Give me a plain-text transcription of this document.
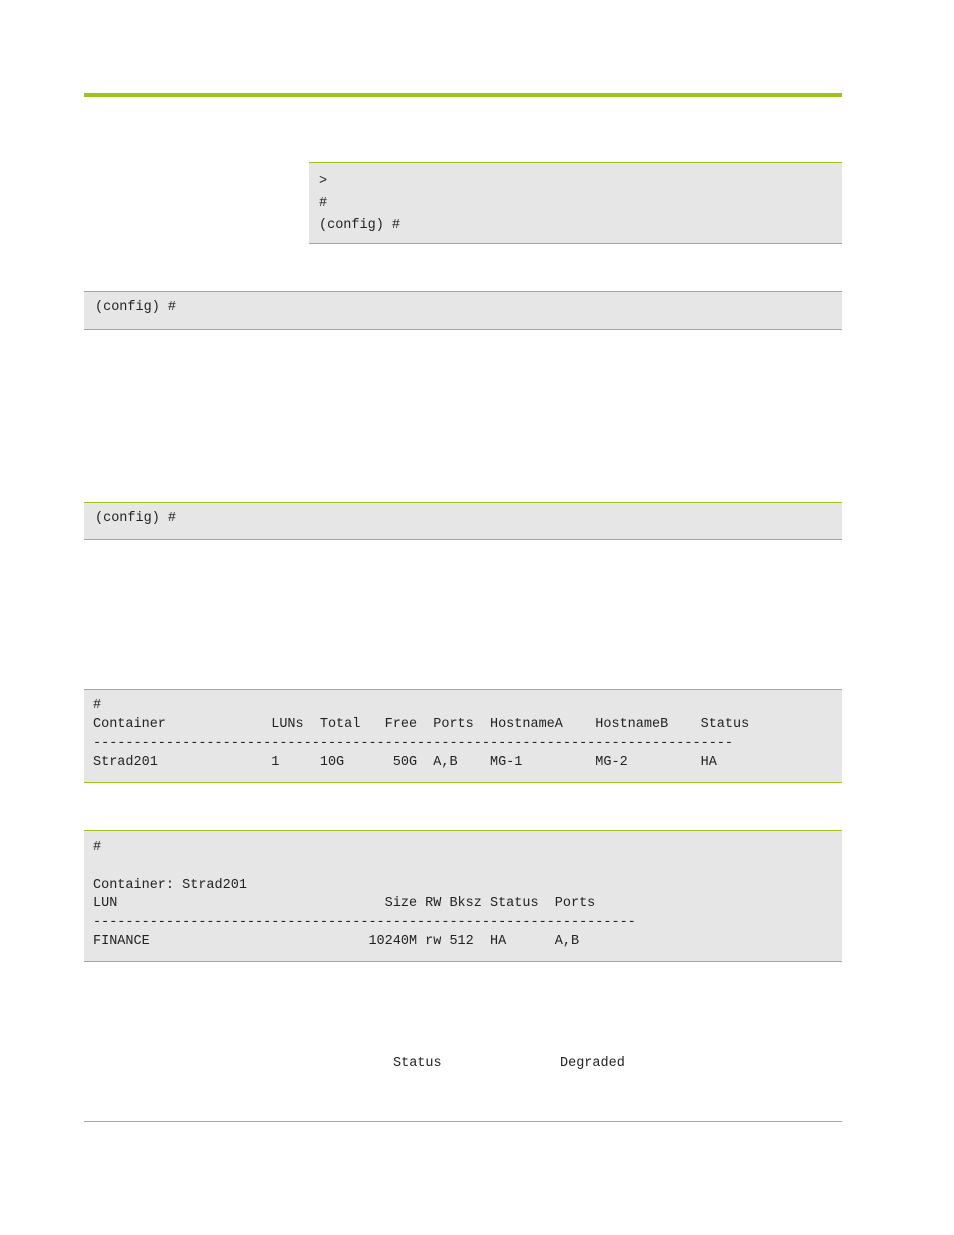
>
#
(config) #
(config) #
(config) #
#
Container             LUNs  Total   Free  Ports  HostnameA    HostnameB    Status
-------------------------------------------------------------------------------
Strad201              1     10G      50G  A,B    MG-1         MG-2         HA
#

Container: Strad201
LUN                                 Size RW Bksz Status  Ports
-------------------------------------------------------------------
FINANCE                           10240M rw 512  HA      A,B
Status	Degraded
